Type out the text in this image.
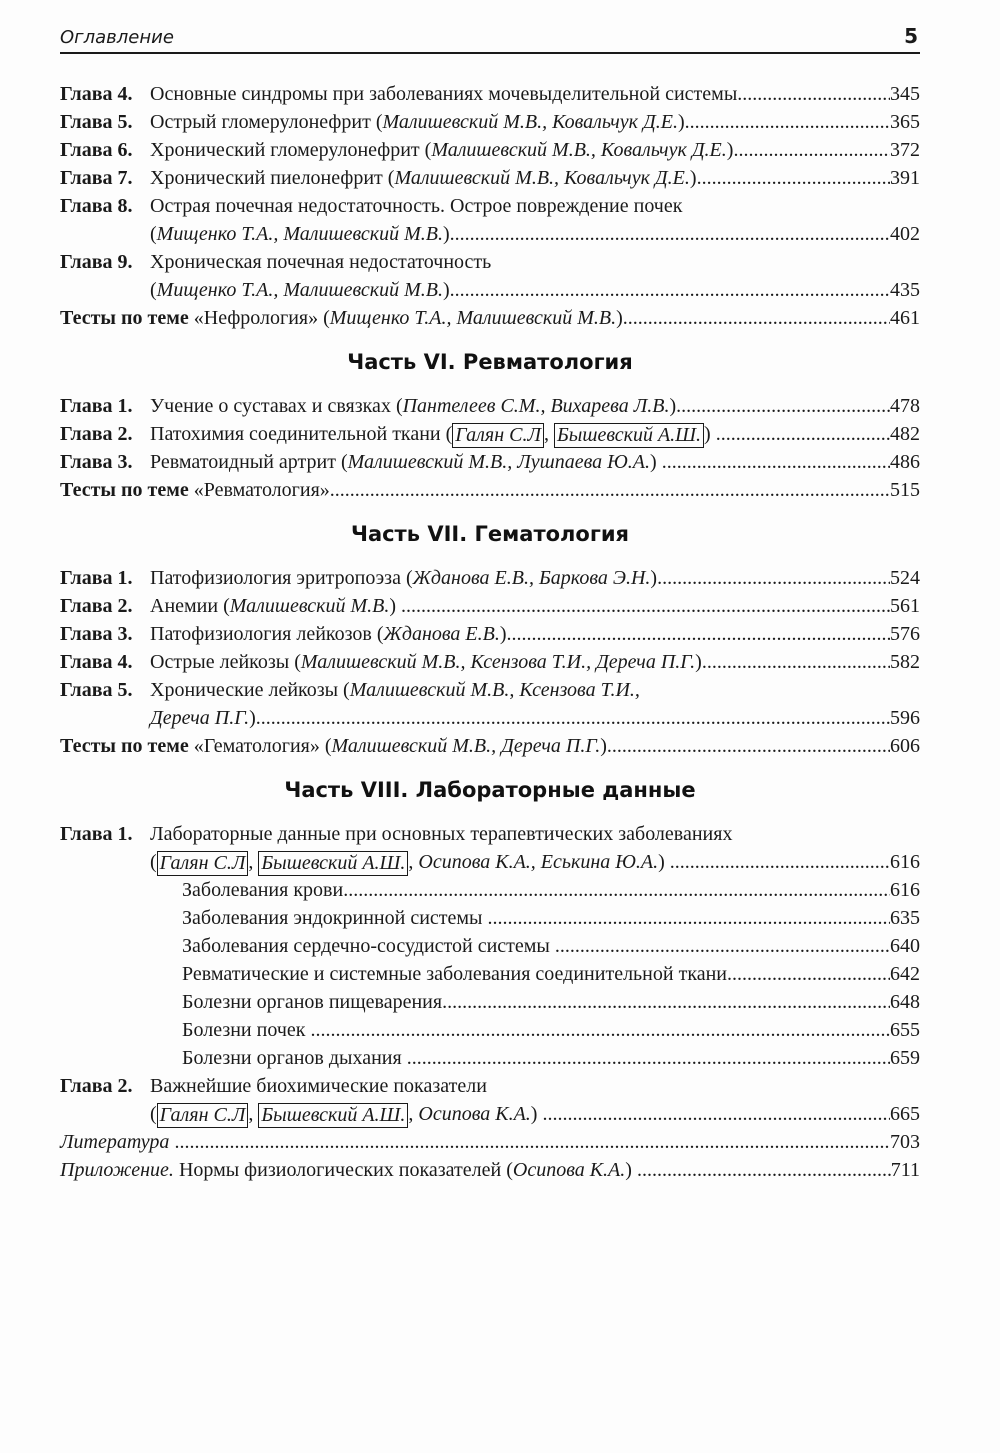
Оглавление	5
Глава 4. Основные синдромы при заболеваниях мочевыделительной системы .....	345
Глава 5. Острый гломерулонефрит ( Малишевский М.В., Ковальчук Д.Е. ) .....	365
Глава 6. Хронический гломерулонефрит ( Малишевский М.В., Ковальчук Д.Е. ) .....	372
Глава 7. Хронический пиелонефрит ( Малишевский М.В., Ковальчук Д.Е. ) .....	391
Глава 8. Острая почечная недостаточность. Острое повреждение почек
( Мищенко Т.А., Малишевский М.В. ) .....	402
Глава 9. Хроническая почечная недостаточность
( Мищенко Т.А., Малишевский М.В. ) .....	435
Тесты по теме «Нефрология» ( Мищенко Т.А., Малишевский М.В. ) .....	461
Часть VI. Ревматология
Глава 1. Учение о суставах и связках ( Пантелеев С.М., Вихарева Л.В. ) .....	478
Глава 2. Патохимия соединительной ткани ( Галян С.Л , Бышевский А.Ш. ) .....	482
Глава 3. Ревматоидный артрит ( Малишевский М.В., Лушпаева Ю.А. ) .....	486
Тесты по теме «Ревматология» .....	515
Часть VII. Гематология
Глава 1. Патофизиология эритропоэза ( Жданова Е.В., Баркова Э.Н. ) .....	524
Глава 2. Анемии ( Малишевский М.В. ) .....	561
Глава 3. Патофизиология лейкозов ( Жданова Е.В. ) .....	576
Глава 4. Острые лейкозы ( Малишевский М.В., Ксензова Т.И., Дереча П.Г. ) .....	582
Глава 5. Хронические лейкозы ( Малишевский М.В., Ксензова Т.И.,
Дереча П.Г. ) .....	596
Тесты по теме «Гематология» ( Малишевский М.В., Дереча П.Г. ) .....	606
Часть VIII. Лабораторные данные
Глава 1. Лабораторные данные при основных терапевтических заболеваниях
( Галян С.Л , Бышевский А.Ш. , Осипова К.А., Еськина Ю.А. ) .....	616
Заболевания крови .....	616
Заболевания эндокринной системы .....	635
Заболевания сердечно-сосудистой системы .....	640
Ревматические и системные заболевания соединительной ткани .....	642
Болезни органов пищеварения .....	648
Болезни почек .....	655
Болезни органов дыхания .....	659
Глава 2. Важнейшие биохимические показатели
( Галян С.Л , Бышевский А.Ш. , Осипова К.А. ) .....	665
Литература .....	703
Приложение. Нормы физиологических показателей ( Осипова К.А. ) .....	711
